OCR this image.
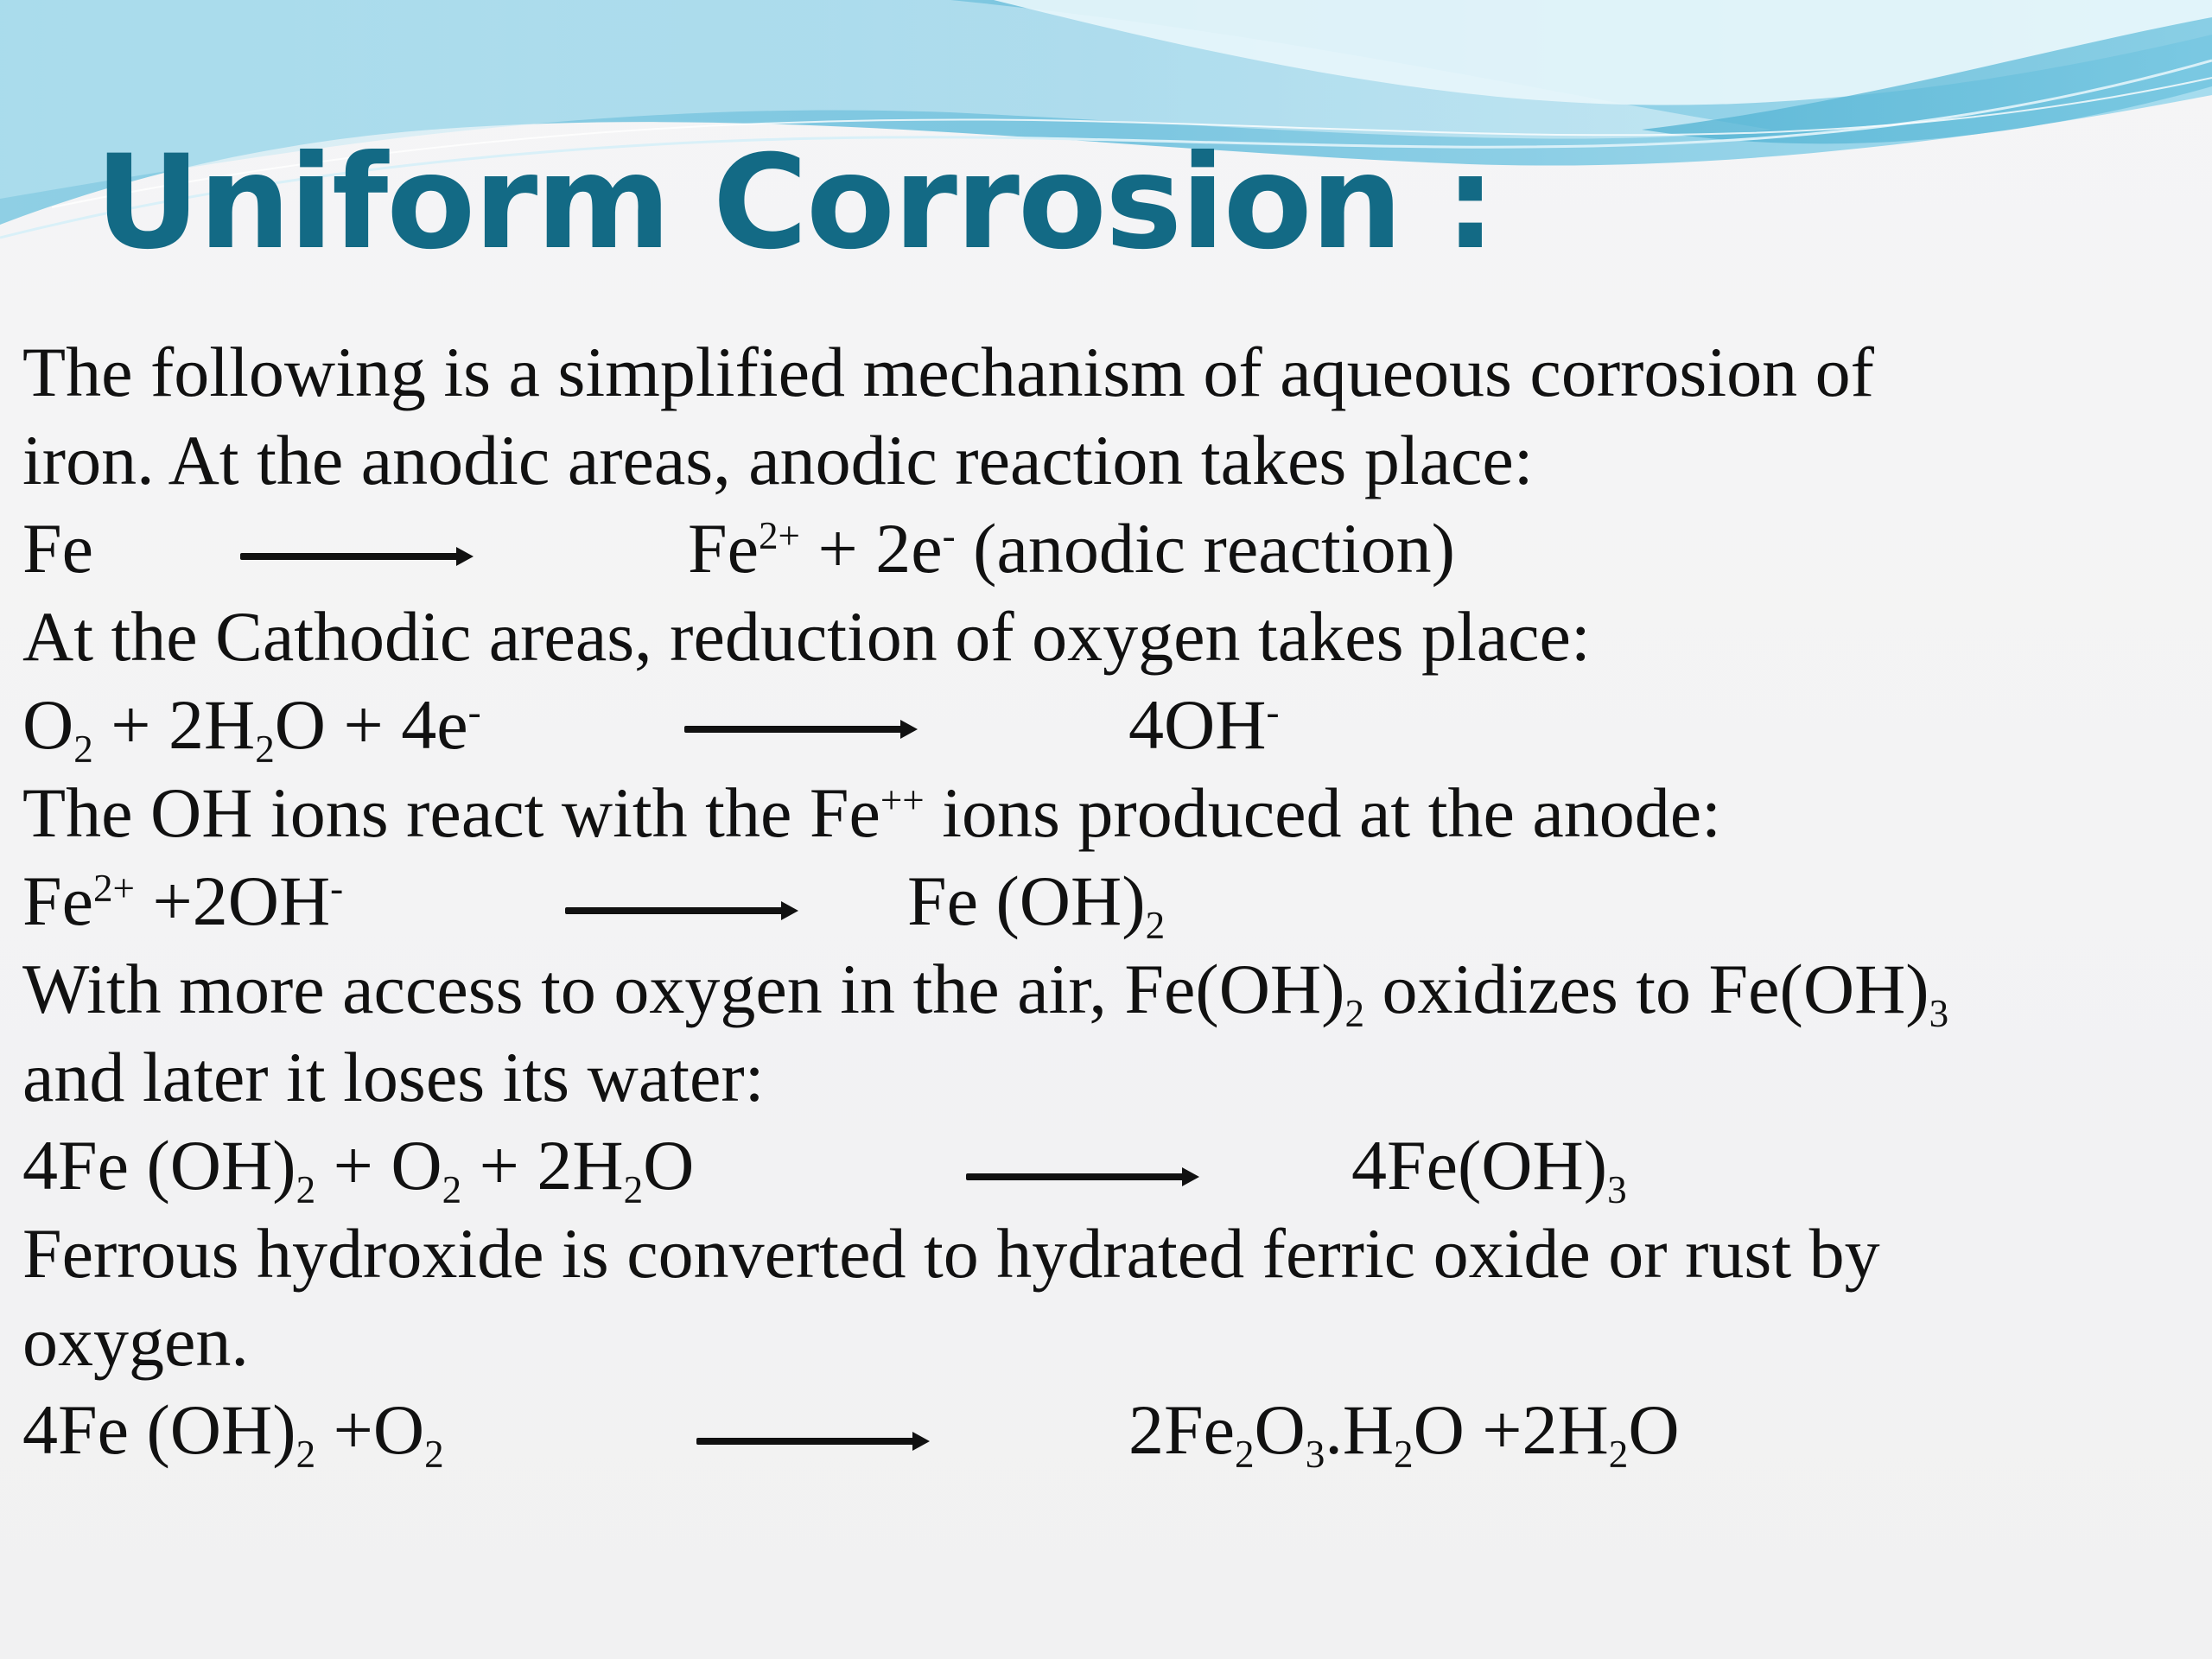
Uniform Corrosion :
The following is a simplified mechanism of aqueous corrosion of
iron. At the anodic areas, anodic reaction takes place:
Fe	$Fe^{2+} + 2e^-$ (anodic reaction)
At the Cathodic areas, reduction of oxygen takes place:
$O_2 + 2H_2O + 4e^-$	4OH-
The OH ions react with the Fe++ ions produced at the anode:
$Fe^{2+} +2OH^-$	Fe $(OH)_2$
With more access to oxygen in the air, $Fe(OH)_2$ oxidizes to $Fe(OH)_3$
and later it loses its water:
4Fe $(OH)_2 + O_2 + 2H_2O$	$4Fe(OH)_3$
Ferrous hydroxide is converted to hydrated ferric oxide or rust by
oxygen.
4Fe $(OH)_2 +O_2$	$2Fe_2O_3.H_2O +2H_2O$
